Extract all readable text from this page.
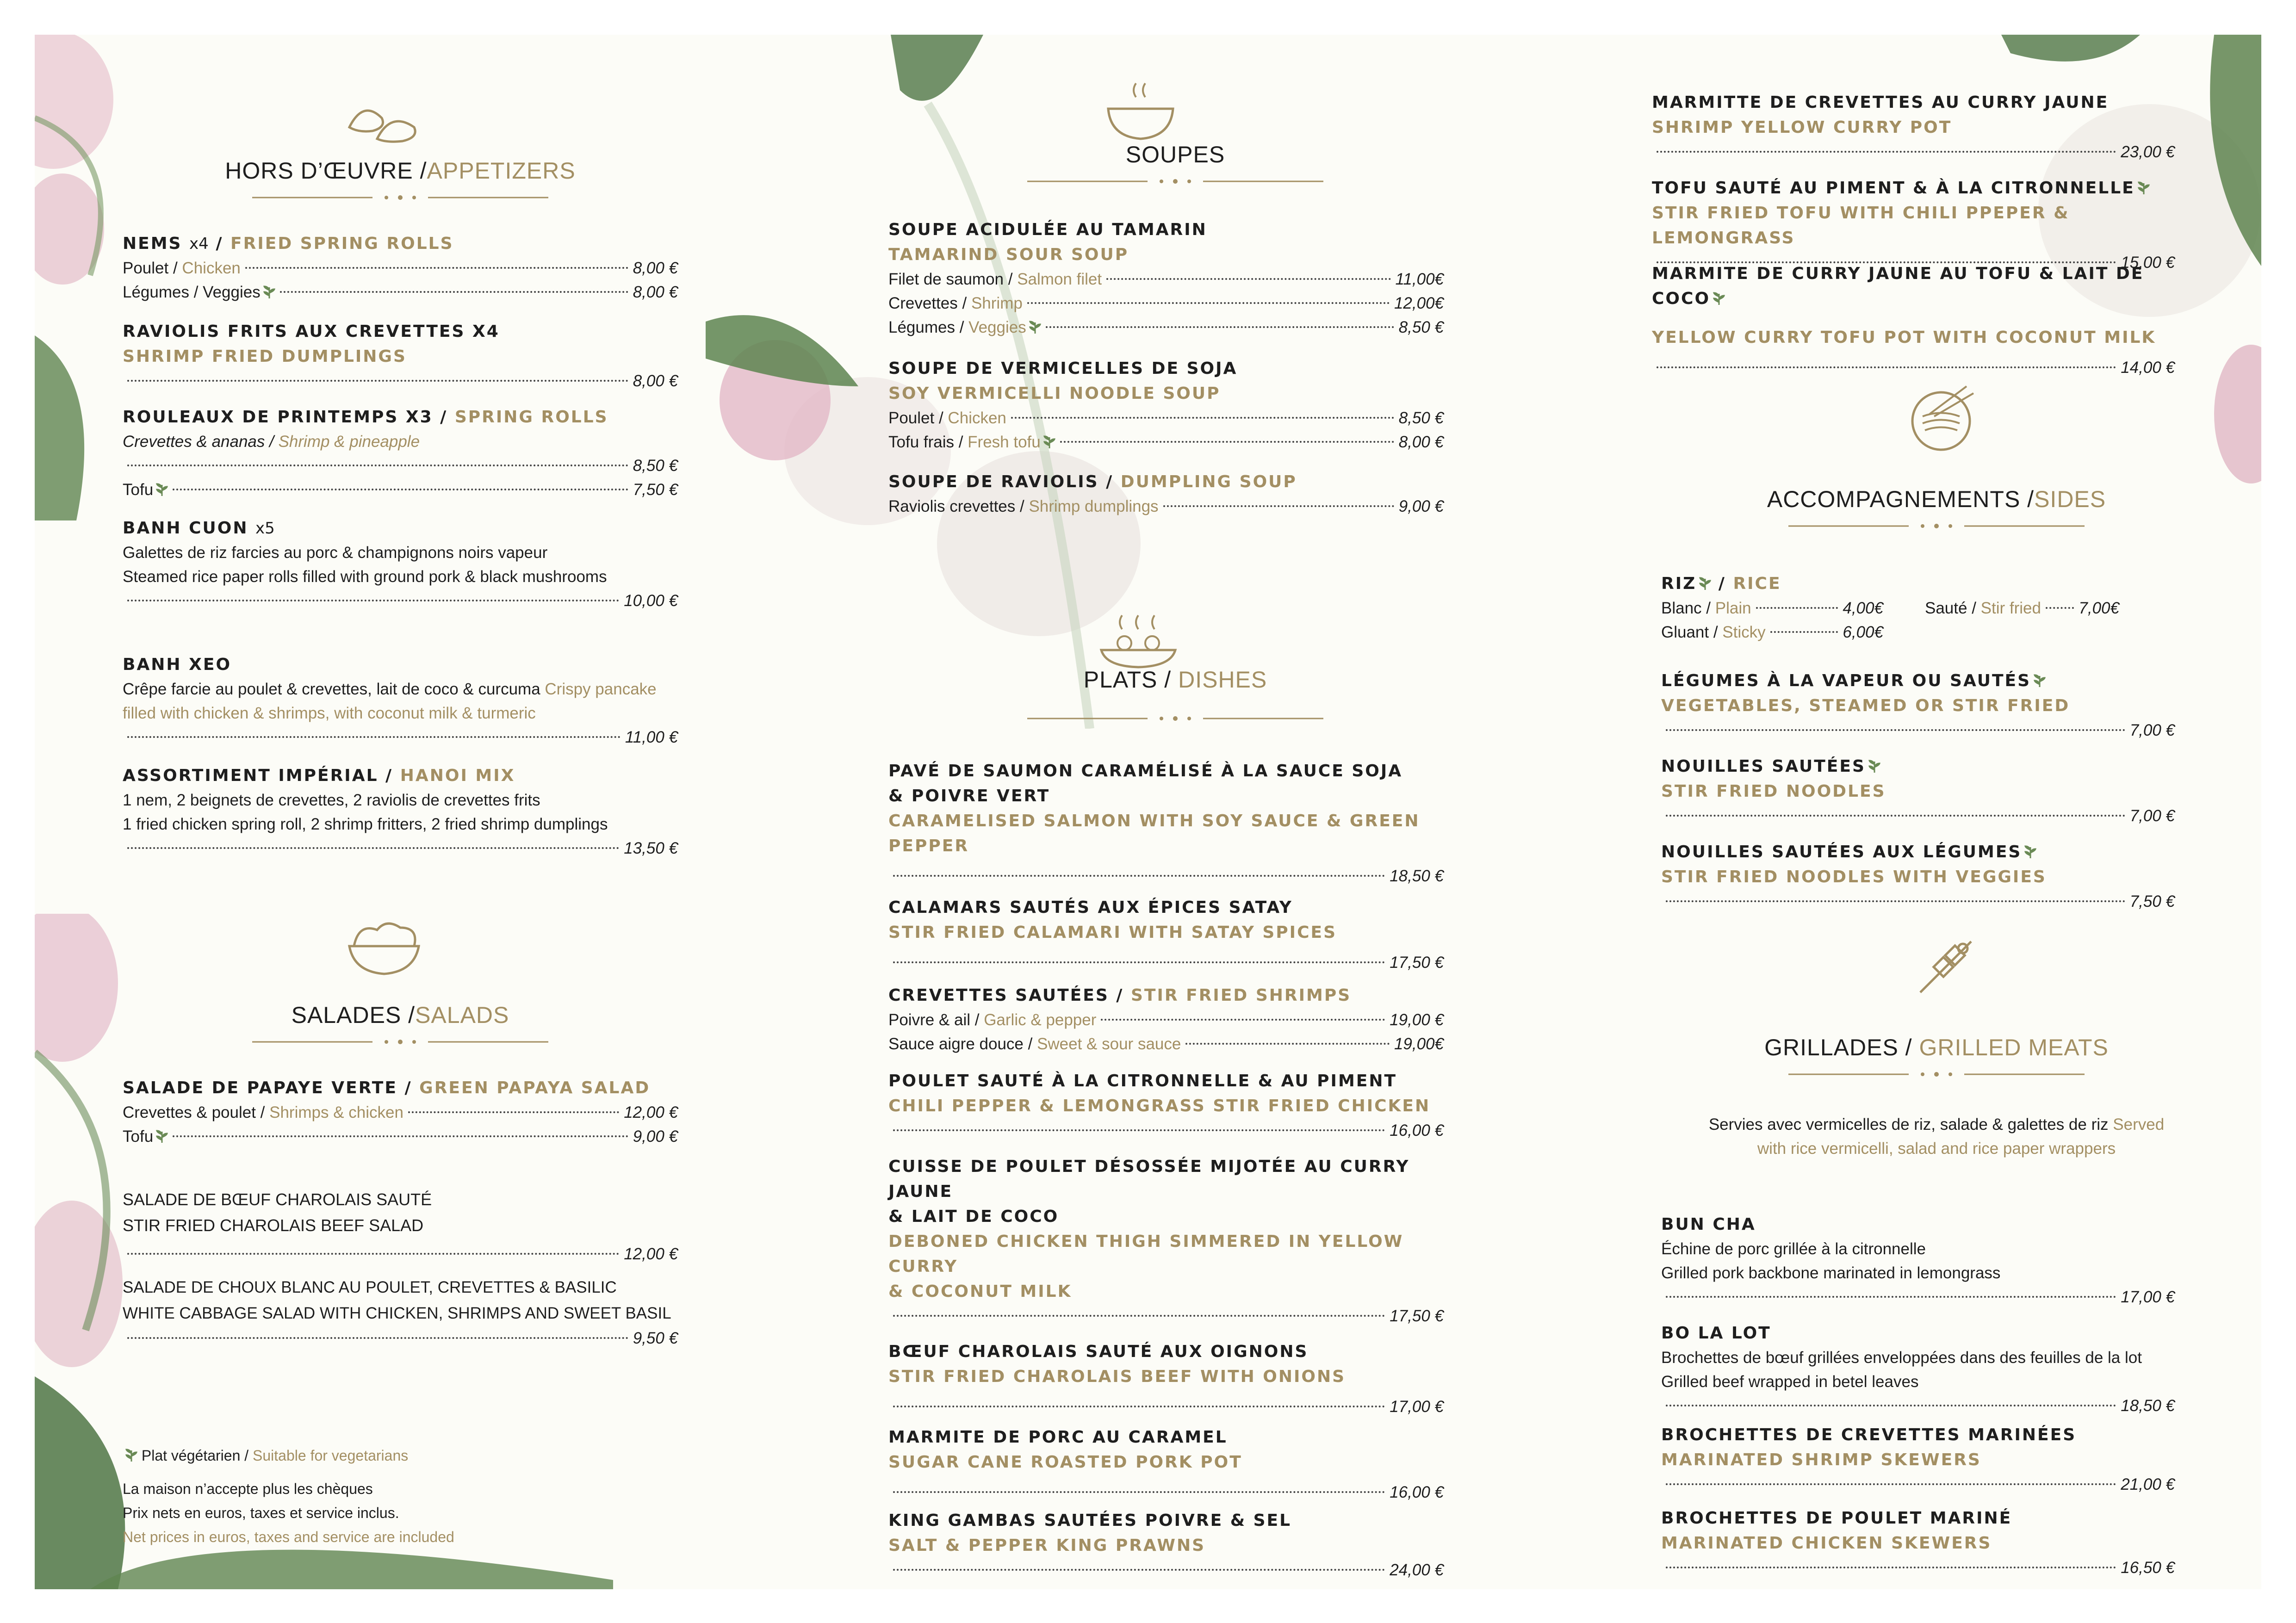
HORS D’ŒUVRE /APPETIZERS
NEMS x4 / FRIED SPRING ROLLS
Poulet / Chicken	8,00 €
Légumes / Veggies	8,00 €
RAVIOLIS FRITS AUX CREVETTES X4
SHRIMP FRIED DUMPLINGS
8,00 €
ROULEAUX DE PRINTEMPS X3 / SPRING ROLLS
Crevettes & ananas / Shrimp & pineapple
8,50 €
Tofu	7,50 €
BANH CUON x5
Galettes de riz farcies au porc & champignons noirs vapeur
Steamed rice paper rolls filled with ground pork & black mushrooms
10,00 €
BANH XEO
Crêpe farcie au poulet & crevettes, lait de coco & curcuma Crispy pancake filled with chicken & shrimps, with coconut milk & turmeric
11,00 €
ASSORTIMENT IMPÉRIAL / HANOI MIX
1 nem, 2 beignets de crevettes, 2 raviolis de crevettes frits
1 fried chicken spring roll, 2 shrimp fritters, 2 fried shrimp dumplings
13,50 €
SALADES /SALADS
SALADE DE PAPAYE VERTE / GREEN PAPAYA SALAD
Crevettes & poulet / Shrimps & chicken	12,00 €
Tofu	9,00 €
SALADE DE BŒUF CHAROLAIS SAUTÉ
STIR FRIED CHAROLAIS BEEF SALAD
12,00 €
SALADE DE CHOUX BLANC AU POULET, CREVETTES & BASILIC
WHITE CABBAGE SALAD WITH CHICKEN, SHRIMPS AND SWEET BASIL
9,50 €
Plat végétarien / Suitable for vegetarians
La maison n’accepte plus les chèques
Prix nets en euros, taxes et service inclus.
Net prices in euros, taxes and service are included
SOUPES
SOUPE ACIDULÉE AU TAMARIN
TAMARIND SOUR SOUP
Filet de saumon / Salmon filet	11,00€
Crevettes / Shrimp	12,00€
Légumes / Veggies	8,50 €
SOUPE DE VERMICELLES DE SOJA
SOY VERMICELLI NOODLE SOUP
Poulet / Chicken	8,50 €
Tofu frais / Fresh tofu	8,00 €
SOUPE DE RAVIOLIS / DUMPLING SOUP
Raviolis crevettes / Shrimp dumplings	9,00 €
PLATS / DISHES
PAVÉ DE SAUMON CARAMÉLISÉ À LA SAUCE SOJA
& POIVRE VERT
CARAMELISED SALMON WITH SOY SAUCE & GREEN
PEPPER
18,50 €
CALAMARS SAUTÉS AUX ÉPICES SATAY
STIR FRIED CALAMARI WITH SATAY SPICES
17,50 €
CREVETTES SAUTÉES / STIR FRIED SHRIMPS
Poivre & ail / Garlic & pepper	19,00 €
Sauce aigre douce / Sweet & sour sauce	19,00€
POULET SAUTÉ À LA CITRONNELLE & AU PIMENT
CHILI PEPPER & LEMONGRASS STIR FRIED CHICKEN
16,00 €
CUISSE DE POULET DÉSOSSÉE MIJOTÉE AU CURRY
JAUNE
& LAIT DE COCO
DEBONED CHICKEN THIGH SIMMERED IN YELLOW
CURRY
& COCONUT MILK
17,50 €
BŒUF CHAROLAIS SAUTÉ AUX OIGNONS
STIR FRIED CHAROLAIS BEEF WITH ONIONS
17,00 €
MARMITE DE PORC AU CARAMEL
SUGAR CANE ROASTED PORK POT
16,00 €
KING GAMBAS SAUTÉES POIVRE & SEL
SALT & PEPPER KING PRAWNS
24,00 €
MARMITTE DE CREVETTES AU CURRY JAUNE
SHRIMP YELLOW CURRY POT
23,00 €
TOFU SAUTÉ AU PIMENT & À LA CITRONNELLE
STIR FRIED TOFU WITH CHILI PPEPER & LEMONGRASS
15,00 €
MARMITE DE CURRY JAUNE AU TOFU & LAIT DE COCO
YELLOW CURRY TOFU POT WITH COCONUT MILK
14,00 €
ACCOMPAGNEMENTS /SIDES
RIZ / RICE
Blanc / Plain	4,00€	Sauté / Stir fried 7,00€
Gluant / Sticky	6,00€
LÉGUMES À LA VAPEUR OU SAUTÉS
VEGETABLES, STEAMED OR STIR FRIED
7,00 €
NOUILLES SAUTÉES
STIR FRIED NOODLES
7,00 €
NOUILLES SAUTÉES AUX LÉGUMES
STIR FRIED NOODLES WITH VEGGIES
7,50 €
GRILLADES / GRILLED MEATS
Servies avec vermicelles de riz, salade & galettes de riz Served
with rice vermicelli, salad and rice paper wrappers
BUN CHA
Échine de porc grillée à la citronnelle
Grilled pork backbone marinated in lemongrass
17,00 €
BO LA LOT
Brochettes de bœuf grillées enveloppées dans des feuilles de la lot
Grilled beef wrapped in betel leaves
18,50 €
BROCHETTES DE CREVETTES MARINÉES
MARINATED SHRIMP SKEWERS
21,00 €
BROCHETTES DE POULET MARINÉ
MARINATED CHICKEN SKEWERS
16,50 €
